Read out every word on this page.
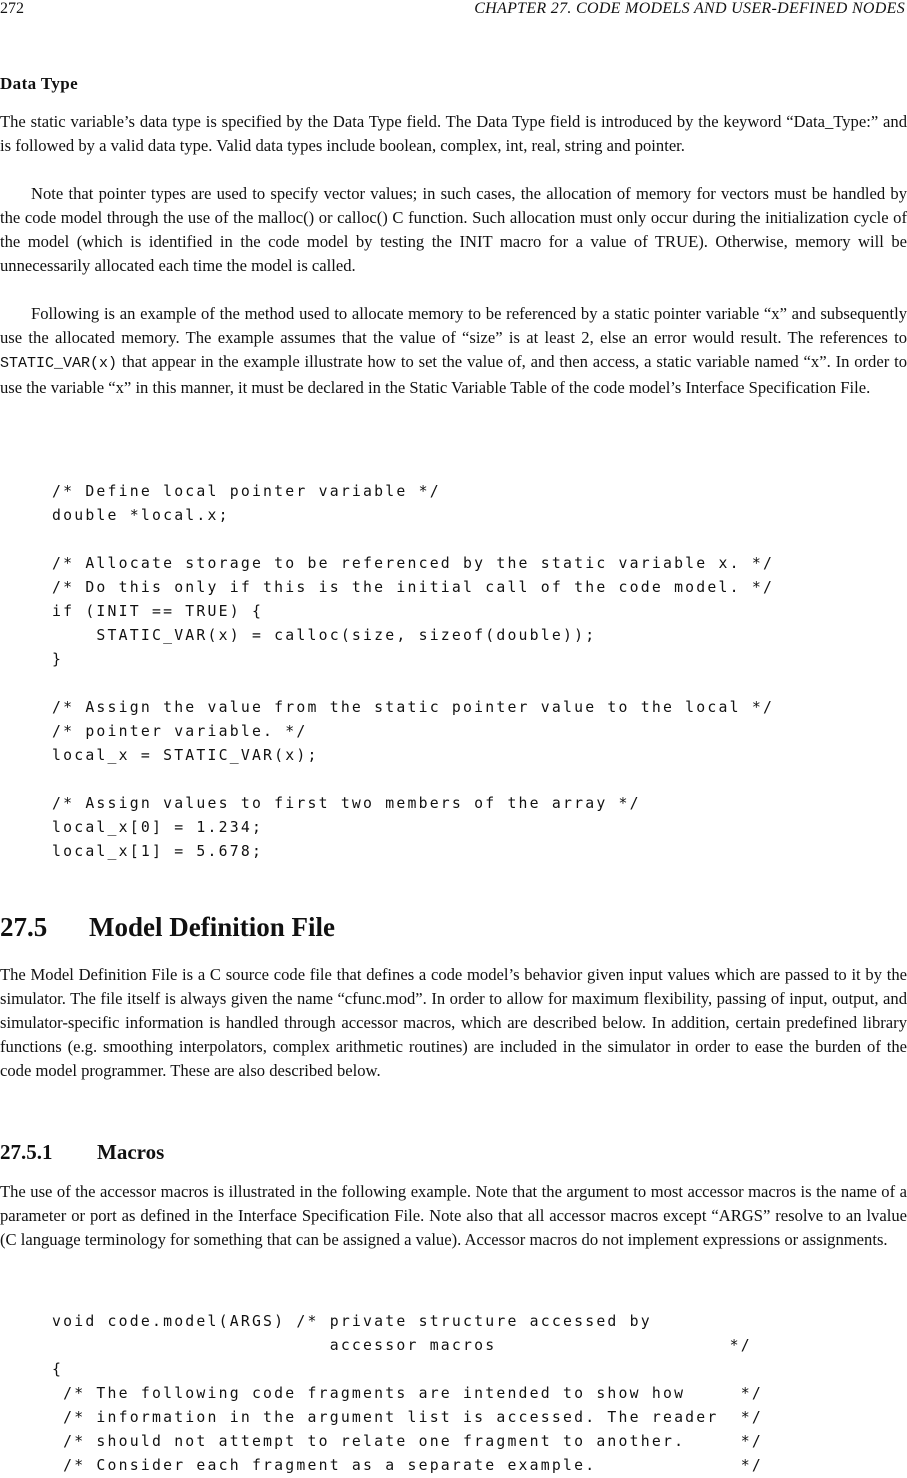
272	CHAPTER 27. CODE MODELS AND USER-DEFINED NODES
Data Type

The static variable’s data type is specified by the Data Type field. The Data Type field is introduced by the keyword “Data_Type:” and is followed by a valid data type. Valid data types include boolean, complex, int, real, string and pointer.

Note that pointer types are used to specify vector values; in such cases, the allocation of memory for vectors must be handled by the code model through the use of the malloc() or calloc() C function. Such allocation must only occur during the initialization cycle of the model (which is identified in the code model by testing the INIT macro for a value of TRUE). Otherwise, memory will be unnecessarily allocated each time the model is called.

Following is an example of the method used to allocate memory to be referenced by a static pointer variable “x” and subsequently use the allocated memory. The example assumes that the value of “size” is at least 2, else an error would result. The references to STATIC_VAR(x) that appear in the example illustrate how to set the value of, and then access, a static variable named “x”. In order to use the variable “x” in this manner, it must be declared in the Static Variable Table of the code model’s Interface Specification File.

/* Define local pointer variable */
double *local.x;

/* Allocate storage to be referenced by the static variable x. */
/* Do this only if this is the initial call of the code model. */
if (INIT == TRUE) {
STATIC_VAR(x) = calloc(size, sizeof(double));
}

/* Assign the value from the static pointer value to the local */
/* pointer variable. */
local_x = STATIC_VAR(x);

/* Assign values to first two members of the array */
local_x[0] = 1.234;
local_x[1] = 5.678;
27.5 Model Definition File

The Model Definition File is a C source code file that defines a code model’s behavior given input values which are passed to it by the simulator. The file itself is always given the name “cfunc.mod”. In order to allow for maximum flexibility, passing of input, output, and simulator-specific information is handled through accessor macros, which are described below. In addition, certain predefined library functions (e.g. smoothing interpolators, complex arithmetic routines) are included in the simulator in order to ease the burden of the code model programmer. These are also described below.

27.5.1 Macros

The use of the accessor macros is illustrated in the following example. Note that the argument to most accessor macros is the name of a parameter or port as defined in the Interface Specification File. Note also that all accessor macros except “ARGS” resolve to an lvalue (C language terminology for something that can be assigned a value). Accessor macros do not implement expressions or assignments.

void code.model(ARGS) /* private structure accessed by
accessor macros                     */
{
/* The following code fragments are intended to show how     */
/* information in the argument list is accessed. The reader  */
/* should not attempt to relate one fragment to another.     */
/* Consider each fragment as a separate example.             */
